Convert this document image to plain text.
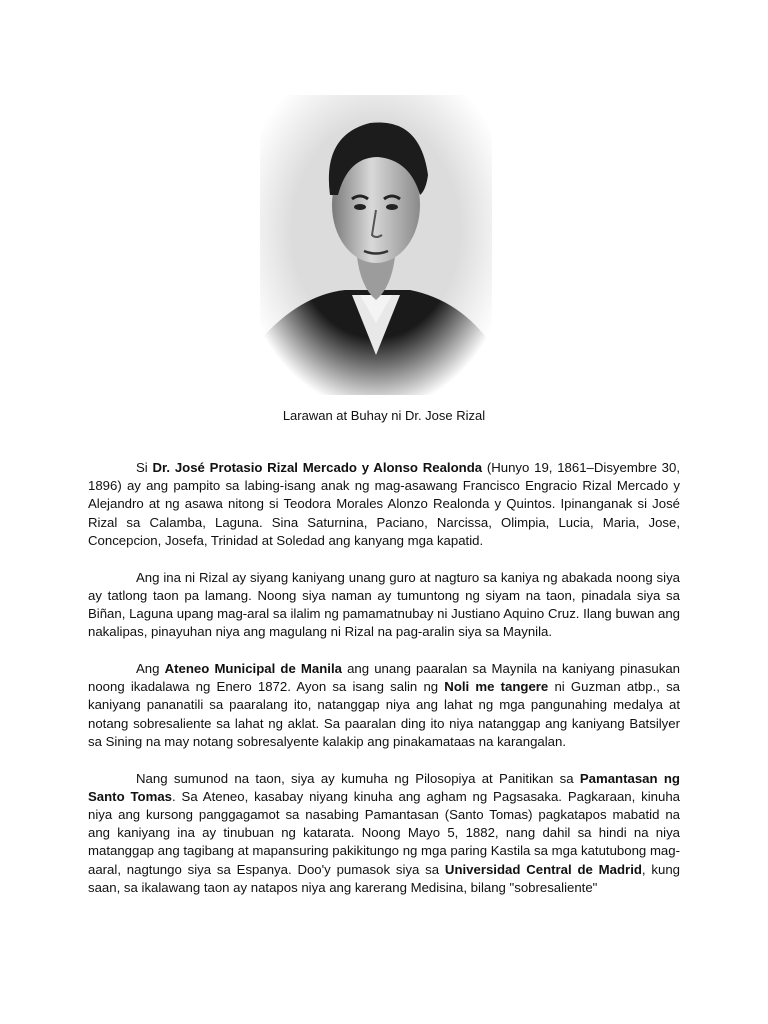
Larawan at Buhay ni Dr. Jose Rizal

Si Dr. José Protasio Rizal Mercado y Alonso Realonda (Hunyo 19, 1861–Disyembre 30, 1896) ay ang pampito sa labing-isang anak ng mag-asawang Francisco Engracio Rizal Mercado y Alejandro at ng asawa nitong si Teodora Morales Alonzo Realonda y Quintos. Ipinanganak si José Rizal sa Calamba, Laguna. Sina Saturnina, Paciano, Narcissa, Olimpia, Lucia, Maria, Jose, Concepcion, Josefa, Trinidad at Soledad ang kanyang mga kapatid.

Ang ina ni Rizal ay siyang kaniyang unang guro at nagturo sa kaniya ng abakada noong siya ay tatlong taon pa lamang. Noong siya naman ay tumuntong ng siyam na taon, pinadala siya sa Biñan, Laguna upang mag-aral sa ilalim ng pamamatnubay ni Justiano Aquino Cruz. Ilang buwan ang nakalipas, pinayuhan niya ang magulang ni Rizal na pag-aralin siya sa Maynila.

Ang Ateneo Municipal de Manila ang unang paaralan sa Maynila na kaniyang pinasukan noong ikadalawa ng Enero 1872. Ayon sa isang salin ng Noli me tangere ni Guzman atbp., sa kaniyang pananatili sa paaralang ito, natanggap niya ang lahat ng mga pangunahing medalya at notang sobresaliente sa lahat ng aklat. Sa paaralan ding ito niya natanggap ang kaniyang Batsilyer sa Sining na may notang sobresalyente kalakip ang pinakamataas na karangalan.

Nang sumunod na taon, siya ay kumuha ng Pilosopiya at Panitikan sa Pamantasan ng Santo Tomas. Sa Ateneo, kasabay niyang kinuha ang agham ng Pagsasaka. Pagkaraan, kinuha niya ang kursong panggagamot sa nasabing Pamantasan (Santo Tomas) pagkatapos mabatid na ang kaniyang ina ay tinubuan ng katarata. Noong Mayo 5, 1882, nang dahil sa hindi na niya matanggap ang tagibang at mapansuring pakikitungo ng mga paring Kastila sa mga katutubong mag-aaral, nagtungo siya sa Espanya. Doo'y pumasok siya sa Universidad Central de Madrid, kung saan, sa ikalawang taon ay natapos niya ang karerang Medisina, bilang "sobresaliente"
